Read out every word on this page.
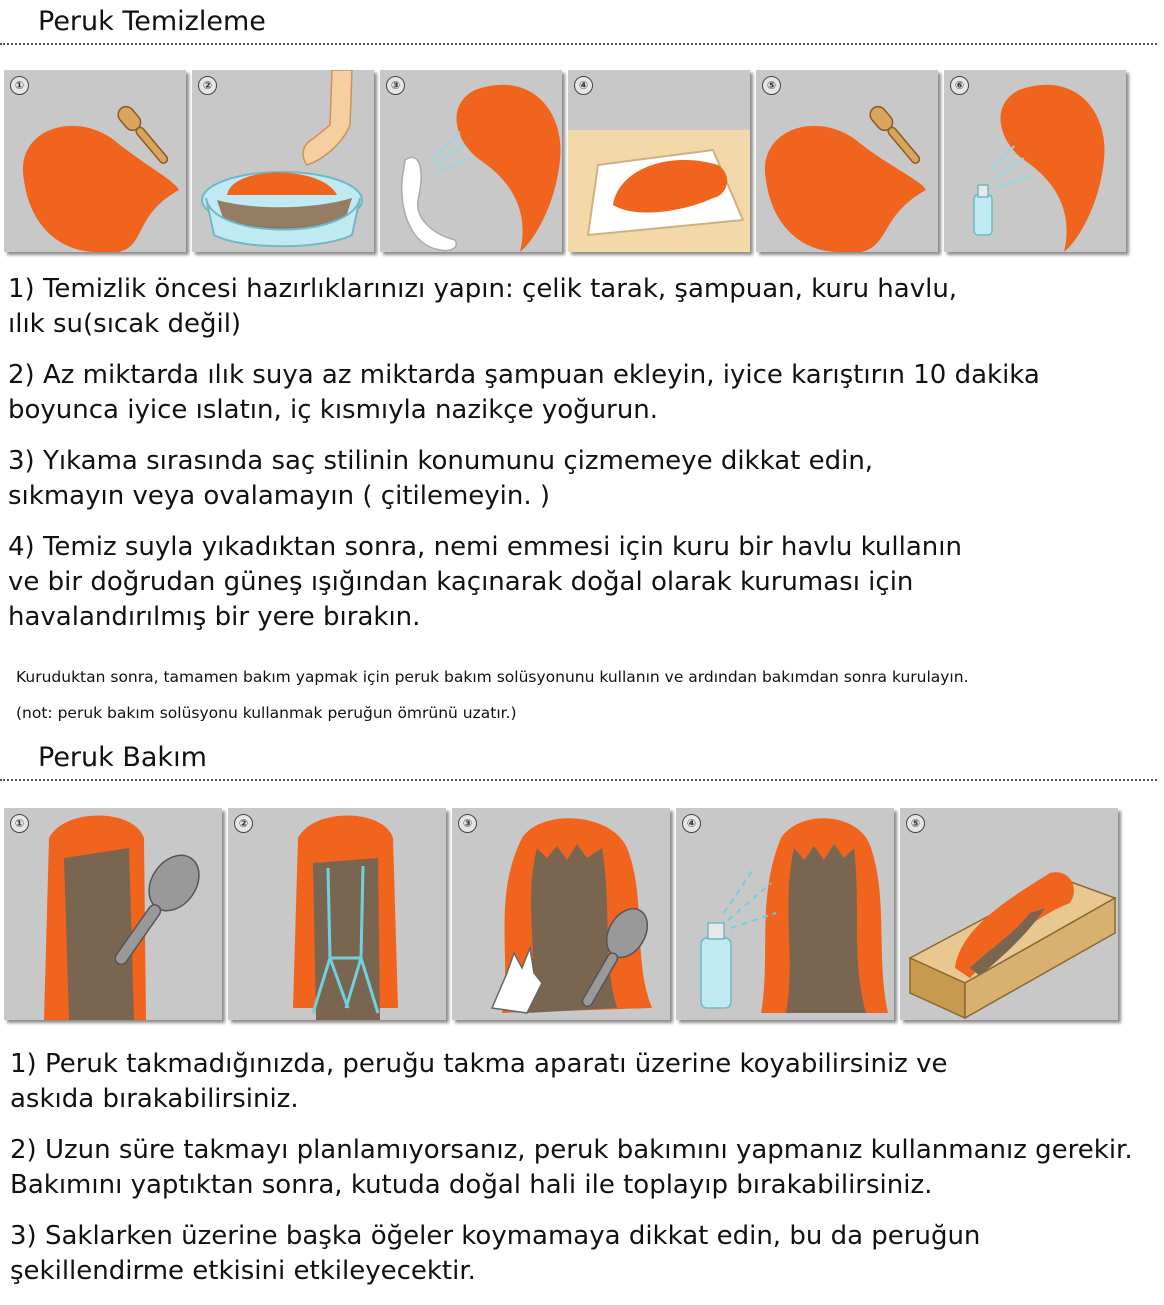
Peruk Temizleme
①	②	③	④	⑤	⑥

1) Temizlik öncesi hazırlıklarınızı yapın: çelik tarak, şampuan, kuru havlu,
ılık su(sıcak değil)

2) Az miktarda ılık suya az miktarda şampuan ekleyin, iyice karıştırın 10 dakika
boyunca iyice ıslatın, iç kısmıyla nazikçe yoğurun.

3) Yıkama sırasında saç stilinin konumunu çizmemeye dikkat edin,
sıkmayın veya ovalamayın ( çitilemeyin. )

4) Temiz suyla yıkadıktan sonra, nemi emmesi için kuru bir havlu kullanın
ve bir doğrudan güneş ışığından kaçınarak doğal olarak kuruması için
havalandırılmış bir yere bırakın.

Kuruduktan sonra, tamamen bakım yapmak için peruk bakım solüsyonunu kullanın ve ardından bakımdan sonra kurulayın.
(not: peruk bakım solüsyonu kullanmak peruğun ömrünü uzatır.)
Peruk Bakım
①	②	③	④	⑤

1) Peruk takmadığınızda, peruğu takma aparatı üzerine koyabilirsiniz ve
askıda bırakabilirsiniz.

2) Uzun süre takmayı planlamıyorsanız, peruk bakımını yapmanız kullanmanız gerekir.
Bakımını yaptıktan sonra, kutuda doğal hali ile toplayıp bırakabilirsiniz.

3) Saklarken üzerine başka öğeler koymamaya dikkat edin, bu da peruğun
şekillendirme etkisini etkileyecektir.
